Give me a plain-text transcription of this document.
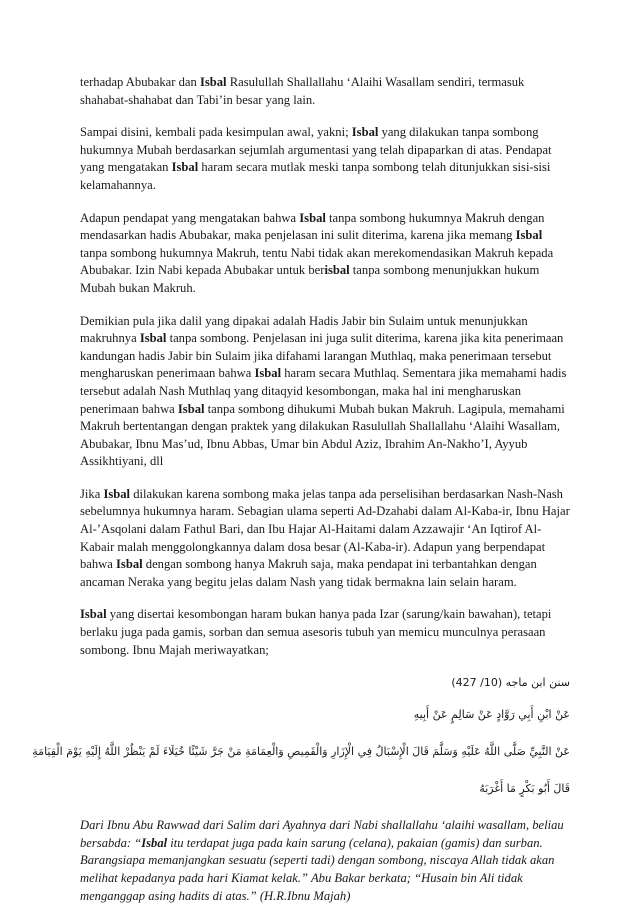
terhadap Abubakar dan Isbal Rasulullah Shallallahu ‘Alaihi Wasallam sendiri, termasuk shahabat-shahabat dan Tabi’in besar yang lain.

Sampai disini, kembali pada kesimpulan awal, yakni; Isbal yang dilakukan tanpa sombong hukumnya Mubah berdasarkan sejumlah argumentasi yang telah dipaparkan di atas. Pendapat yang mengatakan Isbal haram secara mutlak meski tanpa sombong telah ditunjukkan sisi-sisi kelamahannya.

Adapun pendapat yang mengatakan bahwa Isbal tanpa sombong hukumnya Makruh dengan mendasarkan hadis Abubakar, maka penjelasan ini sulit diterima, karena jika memang Isbal tanpa sombong hukumnya Makruh, tentu Nabi tidak akan merekomendasikan Makruh kepada Abubakar. Izin Nabi kepada Abubakar untuk berisbal tanpa sombong menunjukkan hukum Mubah bukan Makruh.

Demikian pula jika dalil yang dipakai adalah Hadis Jabir bin Sulaim untuk menunjukkan makruhnya Isbal tanpa sombong. Penjelasan ini juga sulit diterima, karena jika kita penerimaan kandungan hadis Jabir bin Sulaim jika difahami larangan Muthlaq, maka penerimaan tersebut mengharuskan penerimaan bahwa Isbal haram secara Muthlaq. Sementara jika memahami hadis tersebut adalah Nash Muthlaq yang ditaqyid kesombongan, maka hal ini mengharuskan penerimaan bahwa Isbal tanpa sombong dihukumi Mubah bukan Makruh. Lagipula, memahami Makruh bertentangan dengan praktek yang dilakukan Rasulullah Shallallahu ‘Alaihi Wasallam, Abubakar, Ibnu Mas’ud, Ibnu Abbas, Umar bin Abdul Aziz, Ibrahim An-Nakho’I, Ayyub Assikhtiyani, dll

Jika Isbal dilakukan karena sombong maka jelas tanpa ada perselisihan berdasarkan Nash-Nash sebelumnya hukumnya haram. Sebagian ulama seperti Ad-Dzahabi dalam Al-Kaba-ir, Ibnu Hajar Al-’Asqolani dalam Fathul Bari, dan Ibu Hajar Al-Haitami dalam Azzawajir ‘An Iqtirof Al-Kabair malah menggolongkannya dalam dosa besar (Al-Kaba-ir). Adapun yang berpendapat bahwa Isbal dengan sombong hanya Makruh saja, maka pendapat ini terbantahkan dengan ancaman Neraka yang begitu jelas dalam Nash yang tidak bermakna lain selain haram.

Isbal yang disertai kesombongan haram bukan hanya pada Izar (sarung/kain bawahan), tetapi berlaku juga pada gamis, sorban dan semua asesoris tubuh yan memicu munculnya perasaan sombong. Ibnu Majah meriwayatkan;

سنن ابن ماجه (10/ 427)
عَنْ ابْنِ أَبِي رَوَّادٍ عَنْ سَالِمٍ عَنْ أَبِيهِ
عَنْ النَّبِيِّ صَلَّى اللَّهُ عَلَيْهِ وَسَلَّمَ قَالَ الْإِسْبَالُ فِي الْإِزَارِ وَالْقَمِيصِ وَالْعِمَامَةِ مَنْ جَرَّ شَيْئًا خُيَلَاءَ لَمْ يَنْظُرْ اللَّهُ إِلَيْهِ يَوْمَ الْقِيَامَةِ
قَالَ أَبُو بَكْرٍ مَا أَغْرَبَهُ

Dari Ibnu Abu Rawwad dari Salim dari Ayahnya dari Nabi shallallahu ‘alaihi wasallam, beliau bersabda: “Isbal itu terdapat juga pada kain sarung (celana), pakaian (gamis) dan surban. Barangsiapa memanjangkan sesuatu (seperti tadi) dengan sombong, niscaya Allah tidak akan melihat kepadanya pada hari Kiamat kelak.” Abu Bakar berkata; “Husain bin Ali tidak menganggap asing hadits di atas.” (H.R.Ibnu Majah)
